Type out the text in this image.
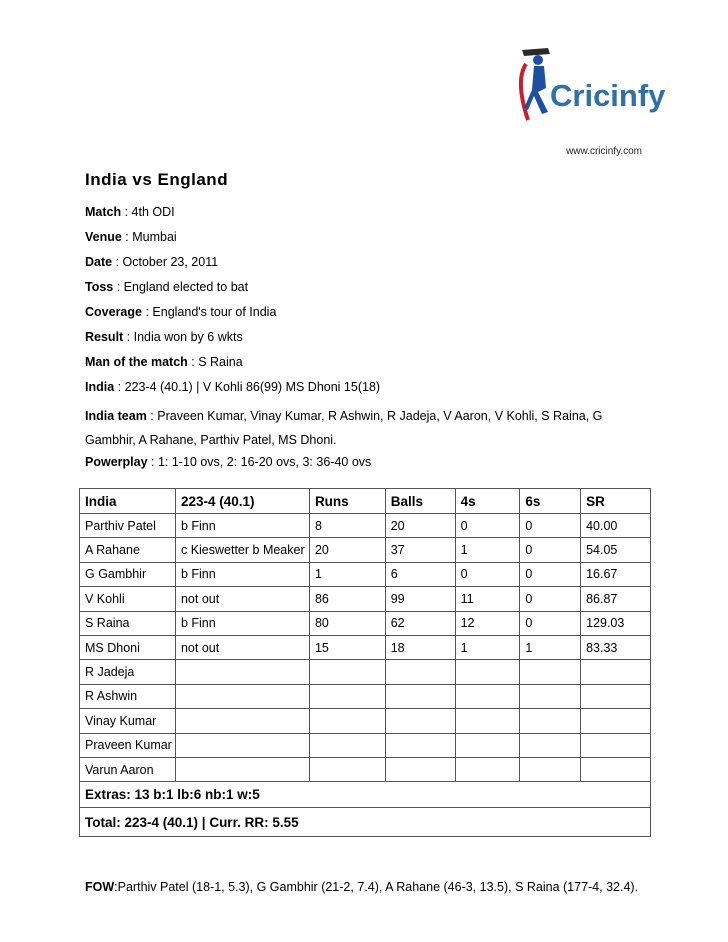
Cricinfy
www.cricinfy.com
India vs England
Match : 4th ODI
Venue : Mumbai
Date : October 23, 2011
Toss : England elected to bat
Coverage : England's tour of India
Result : India won by 6 wkts
Man of the match : S Raina
India : 223-4 (40.1) | V Kohli 86(99) MS Dhoni 15(18)
India team : Praveen Kumar, Vinay Kumar, R Ashwin, R Jadeja, V Aaron, V Kohli, S Raina, G Gambhir, A Rahane, Parthiv Patel, MS Dhoni.
Powerplay : 1: 1-10 ovs, 2: 16-20 ovs, 3: 36-40 ovs
India	223-4 (40.1)	Runs	Balls	4s	6s	SR
Parthiv Patel	b Finn	8	20	0	0	40.00
A Rahane	c Kieswetter b Meaker	20	37	1	0	54.05
G Gambhir	b Finn	1	6	0	0	16.67
V Kohli	not out	86	99	11	0	86.87
S Raina	b Finn	80	62	12	0	129.03
MS Dhoni	not out	15	18	1	1	83.33
R Jadeja						
R Ashwin						
Vinay Kumar						
Praveen Kumar						
Varun Aaron						
Extras: 13 b:1 lb:6 nb:1 w:5						
Total: 223-4 (40.1) | Curr. RR: 5.55						
FOW:Parthiv Patel (18-1, 5.3), G Gambhir (21-2, 7.4), A Rahane (46-3, 13.5), S Raina (177-4, 32.4).
